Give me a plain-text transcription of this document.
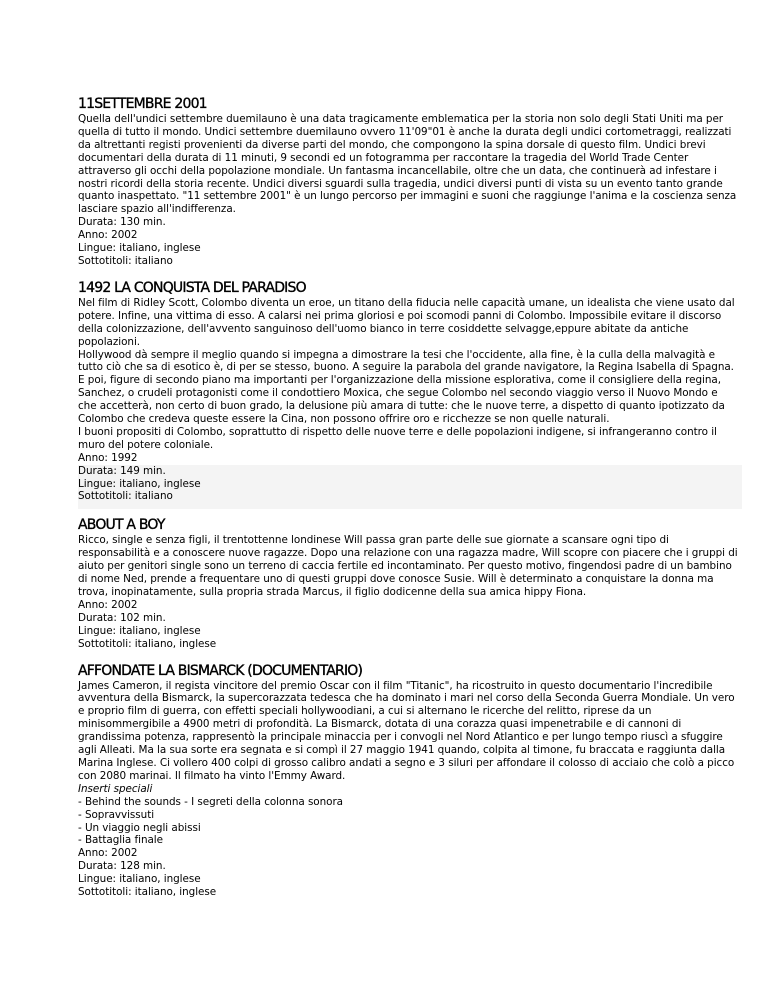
11SETTEMBRE 2001

Quella dell'undici settembre duemilauno è una data tragicamente emblematica per la storia non solo degli Stati Uniti ma per quella di tutto il mondo. Undici settembre duemilauno ovvero 11'09"01 è anche la durata degli undici cortometraggi, realizzati da altrettanti registi provenienti da diverse parti del mondo, che compongono la spina dorsale di questo film. Undici brevi documentari della durata di 11 minuti, 9 secondi ed un fotogramma per raccontare la tragedia del World Trade Center attraverso gli occhi della popolazione mondiale. Un fantasma incancellabile, oltre che un data, che continuerà ad infestare i nostri ricordi della storia recente. Undici diversi sguardi sulla tragedia, undici diversi punti di vista su un evento tanto grande quanto inaspettato. "11 settembre 2001" è un lungo percorso per immagini e suoni che raggiunge l'anima e la coscienza senza lasciare spazio all'indifferenza.

Durata: 130 min.

Anno: 2002

Lingue: italiano, inglese

Sottotitoli: italiano

1492 LA CONQUISTA DEL PARADISO

Nel film di Ridley Scott, Colombo diventa un eroe, un titano della fiducia nelle capacità umane, un idealista che viene usato dal potere. Infine, una vittima di esso. A calarsi nei prima gloriosi e poi scomodi panni di Colombo. Impossibile evitare il discorso della colonizzazione, dell'avvento sanguinoso dell'uomo bianco in terre cosiddette selvagge,eppure abitate da antiche popolazioni.

Hollywood dà sempre il meglio quando si impegna a dimostrare la tesi che l'occidente, alla fine, è la culla della malvagità e tutto ciò che sa di esotico è, di per se stesso, buono. A seguire la parabola del grande navigatore, la Regina Isabella di Spagna. E poi, figure di secondo piano ma importanti per l'organizzazione della missione esplorativa, come il consigliere della regina, Sanchez, o crudeli protagonisti come il condottiero Moxica, che segue Colombo nel secondo viaggio verso il Nuovo Mondo e che accetterà, non certo di buon grado, la delusione più amara di tutte: che le nuove terre, a dispetto di quanto ipotizzato da Colombo che credeva queste essere la Cina, non possono offrire oro e ricchezze se non quelle naturali.

I buoni propositi di Colombo, soprattutto di rispetto delle nuove terre e delle popolazioni indigene, si infrangeranno contro il muro del potere coloniale.

Anno: 1992

Durata: 149 min.

Lingue: italiano, inglese

Sottotitoli: italiano

ABOUT A BOY

Ricco, single e senza figli, il trentottenne londinese Will passa gran parte delle sue giornate a scansare ogni tipo di responsabilità e a conoscere nuove ragazze. Dopo una relazione con una ragazza madre, Will scopre con piacere che i gruppi di aiuto per genitori single sono un terreno di caccia fertile ed incontaminato. Per questo motivo, fingendosi padre di un bambino di nome Ned, prende a frequentare uno di questi gruppi dove conosce Susie. Will è determinato a conquistare la donna ma trova, inopinatamente, sulla propria strada Marcus, il figlio dodicenne della sua amica hippy Fiona.

Anno: 2002

Durata: 102 min.

Lingue: italiano, inglese

Sottotitoli: italiano, inglese

AFFONDATE LA BISMARCK (DOCUMENTARIO)

James Cameron, il regista vincitore del premio Oscar con il film "Titanic", ha ricostruito in questo documentario l'incredibile avventura della Bismarck, la supercorazzata tedesca che ha dominato i mari nel corso della Seconda Guerra Mondiale. Un vero e proprio film di guerra, con effetti speciali hollywoodiani, a cui si alternano le ricerche del relitto, riprese da un minisommergibile a 4900 metri di profondità. La Bismarck, dotata di una corazza quasi impenetrabile e di cannoni di grandissima potenza, rappresentò la principale minaccia per i convogli nel Nord Atlantico e per lungo tempo riuscì a sfuggire agli Alleati. Ma la sua sorte era segnata e si compì il 27 maggio 1941 quando, colpita al timone, fu braccata e raggiunta dalla Marina Inglese. Ci vollero 400 colpi di grosso calibro andati a segno e 3 siluri per affondare il colosso di acciaio che colò a picco con 2080 marinai. Il filmato ha vinto l'Emmy Award.

Inserti speciali

- Behind the sounds - I segreti della colonna sonora

- Sopravvissuti

- Un viaggio negli abissi

- Battaglia finale

Anno: 2002

Durata: 128 min.

Lingue: italiano, inglese

Sottotitoli: italiano, inglese
